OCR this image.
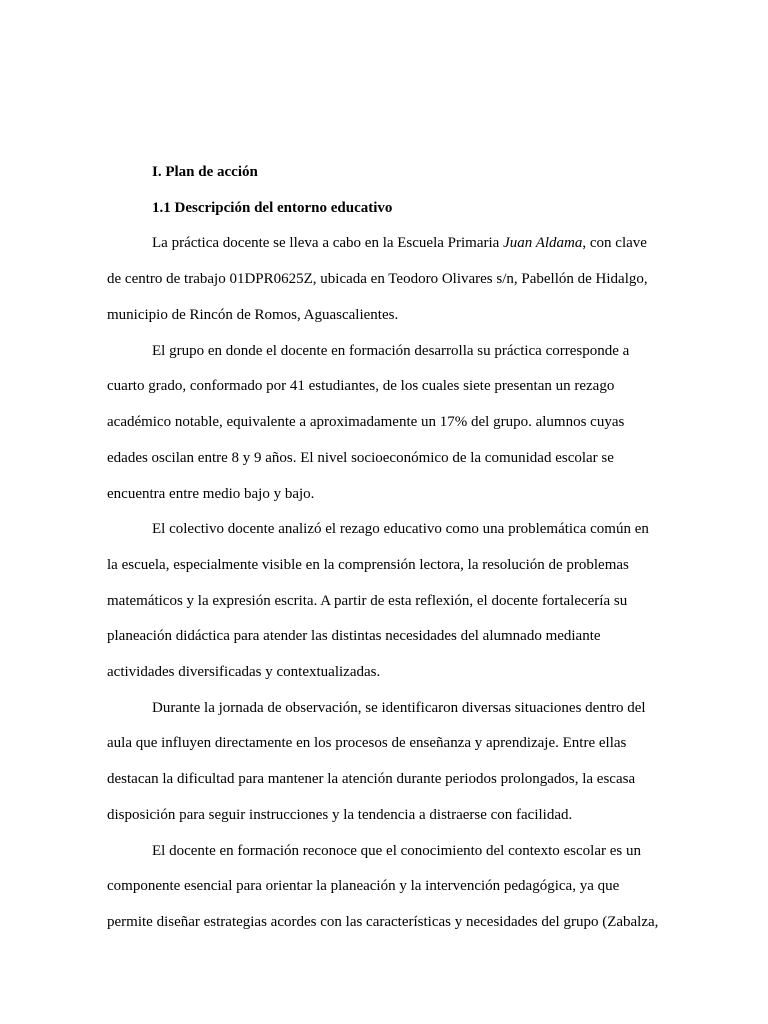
I. Plan de acción
1.1 Descripción del entorno educativo
La práctica docente se lleva a cabo en la Escuela Primaria Juan Aldama, con clave
de centro de trabajo 01DPR0625Z, ubicada en Teodoro Olivares s/n, Pabellón de Hidalgo,
municipio de Rincón de Romos, Aguascalientes.
El grupo en donde el docente en formación desarrolla su práctica corresponde a
cuarto grado, conformado por 41 estudiantes, de los cuales siete presentan un rezago
académico notable, equivalente a aproximadamente un 17% del grupo. alumnos cuyas
edades oscilan entre 8 y 9 años. El nivel socioeconómico de la comunidad escolar se
encuentra entre medio bajo y bajo.
El colectivo docente analizó el rezago educativo como una problemática común en
la escuela, especialmente visible en la comprensión lectora, la resolución de problemas
matemáticos y la expresión escrita. A partir de esta reflexión, el docente fortalecería su
planeación didáctica para atender las distintas necesidades del alumnado mediante
actividades diversificadas y contextualizadas.
Durante la jornada de observación, se identificaron diversas situaciones dentro del
aula que influyen directamente en los procesos de enseñanza y aprendizaje. Entre ellas
destacan la dificultad para mantener la atención durante periodos prolongados, la escasa
disposición para seguir instrucciones y la tendencia a distraerse con facilidad.
El docente en formación reconoce que el conocimiento del contexto escolar es un
componente esencial para orientar la planeación y la intervención pedagógica, ya que
permite diseñar estrategias acordes con las características y necesidades del grupo (Zabalza,
